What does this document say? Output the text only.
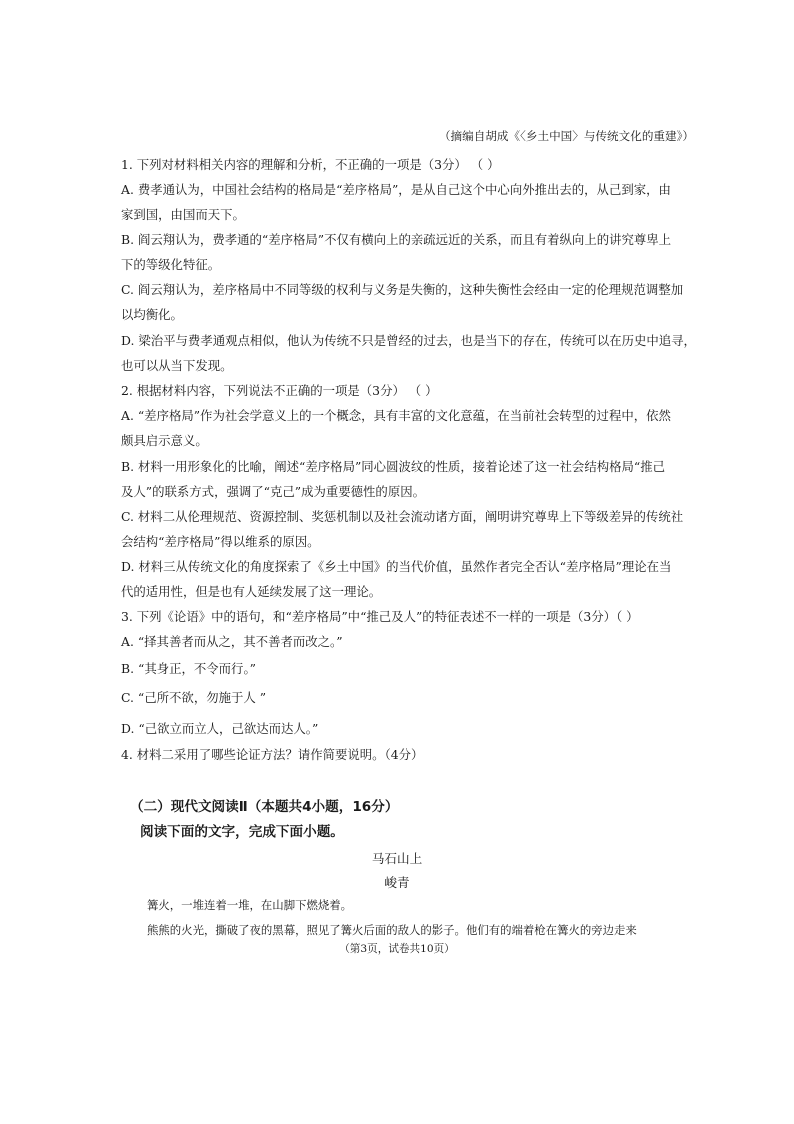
（摘编自胡成《〈乡土中国〉与传统文化的重建》）
1. 下列对材料相关内容的理解和分析，不正确的一项是（3分） （ ）
A. 费孝通认为，中国社会结构的格局是“差序格局”，是从自己这个中心向外推出去的，从己到家，由
家到国，由国而天下。
B. 阎云翔认为，费孝通的“差序格局”不仅有横向上的亲疏远近的关系，而且有着纵向上的讲究尊卑上
下的等级化特征。
C. 阎云翔认为，差序格局中不同等级的权利与义务是失衡的，这种失衡性会经由一定的伦理规范调整加
以均衡化。
D. 梁治平与费孝通观点相似，他认为传统不只是曾经的过去，也是当下的存在，传统可以在历史中追寻，
也可以从当下发现。
2. 根据材料内容，下列说法不正确的一项是（3分） （ ）
A. “差序格局”作为社会学意义上的一个概念，具有丰富的文化意蕴，在当前社会转型的过程中，依然
颇具启示意义。
B. 材料一用形象化的比喻，阐述“差序格局”同心圆波纹的性质，接着论述了这一社会结构格局“推己
及人”的联系方式，强调了“克己”成为重要德性的原因。
C. 材料二从伦理规范、资源控制、奖惩机制以及社会流动诸方面，阐明讲究尊卑上下等级差异的传统社
会结构“差序格局”得以维系的原因。
D. 材料三从传统文化的角度探索了《乡土中国》的当代价值，虽然作者完全否认“差序格局”理论在当
代的适用性，但是也有人延续发展了这一理论。
3. 下列《论语》中的语句，和“差序格局”中“推己及人”的特征表述不一样的一项是（3分）（ ）
A. “择其善者而从之，其不善者而改之。”
B. “其身正，不令而行。”
C. “己所不欲，勿施于人 ”
D. “己欲立而立人，己欲达而达人。”
4. 材料二采用了哪些论证方法？请作简要说明。（4分）
（二）现代文阅读Ⅱ（本题共4小题，16分）
阅读下面的文字，完成下面小题。
马石山上
峻青
篝火，一堆连着一堆，在山脚下燃烧着。
熊熊的火光，撕破了夜的黑幕，照见了篝火后面的敌人的影子。他们有的端着枪在篝火的旁边走来
（第3页，试卷共10页）
